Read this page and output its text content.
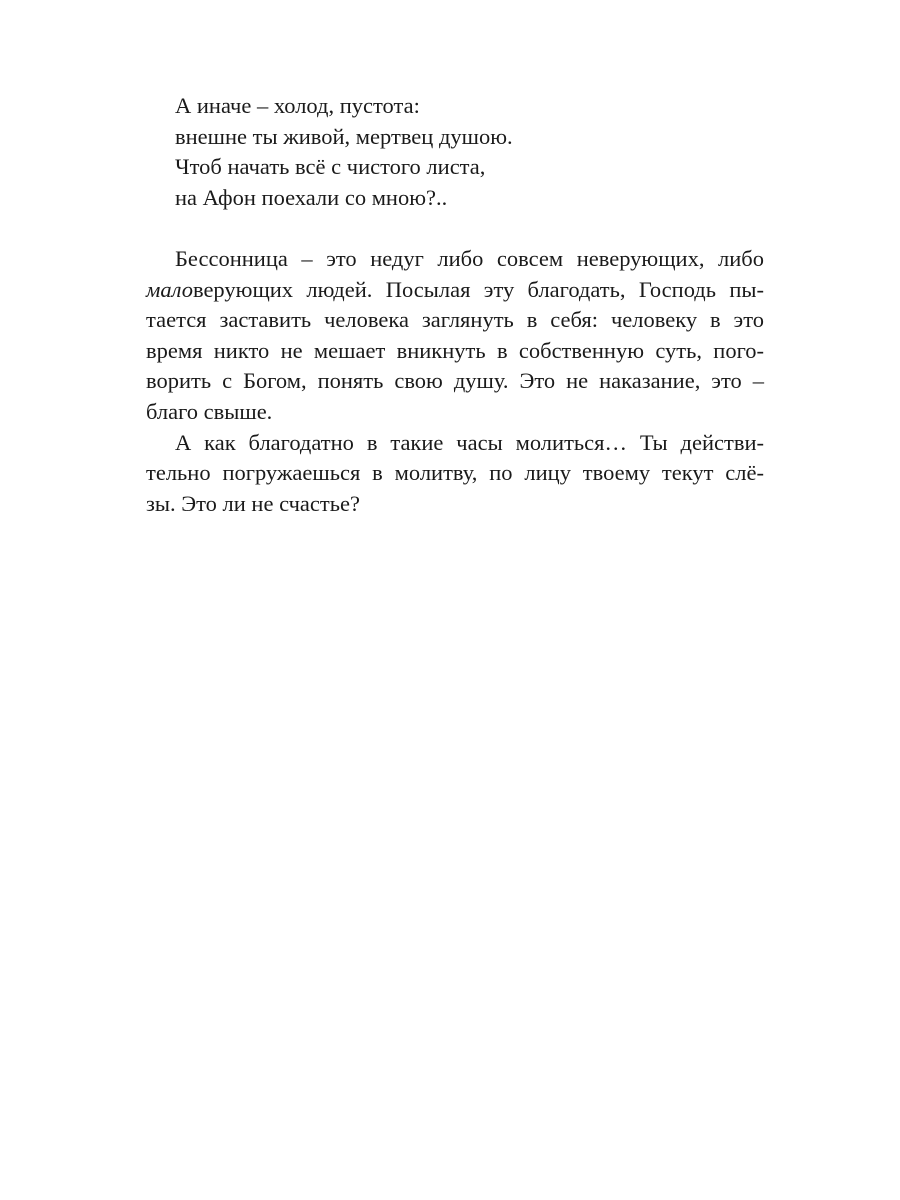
А иначе – холод, пустота:
внешне ты живой, мертвец душою.
Чтоб начать всё с чистого листа,
на Афон поехали со мною?..

Бессонница – это недуг либо совсем неверующих, либо
маловерующих людей. Посылая эту благодать, Господь пы-
тается заставить человека заглянуть в себя: человеку в это
время никто не мешает вникнуть в собственную суть, пого-
ворить с Богом, понять свою душу. Это не наказание, это –
благо свыше.

А как благодатно в такие часы молиться… Ты действи-
тельно погружаешься в молитву, по лицу твоему текут слё-
зы. Это ли не счастье?
